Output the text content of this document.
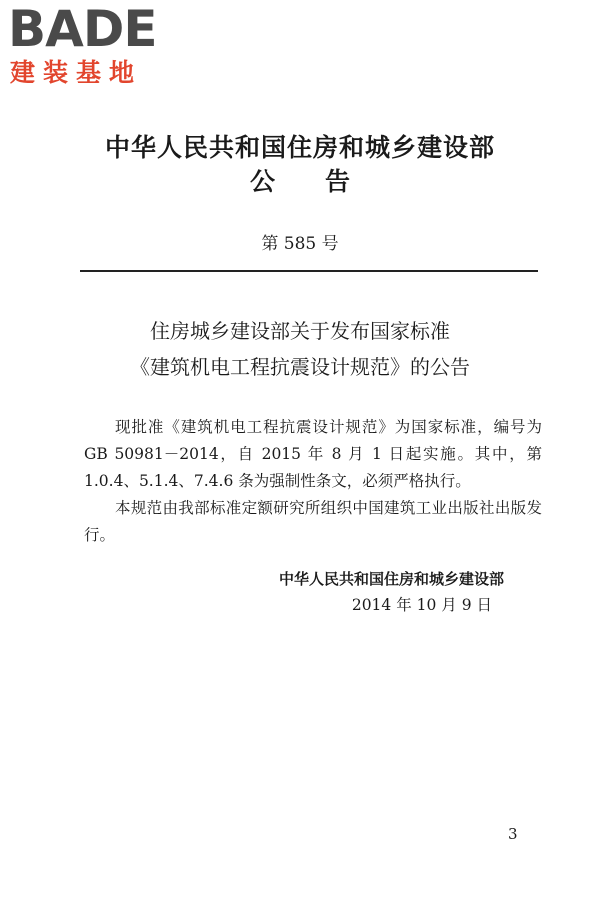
BA
DE
建装基地
中华人民共和国住房和城乡建设部
公 告
第 585 号
住房城乡建设部关于发布国家标准
《建筑机电工程抗震设计规范》的公告

现批准《建筑机电工程抗震设计规范》为国家标准，编号为 GB 50981－2014，自 2015 年 8 月 1 日起实施。其中，第 1.0.4、5.1.4、7.4.6 条为强制性条文，必须严格执行。

本规范由我部标准定额研究所组织中国建筑工业出版社出版发行。

中华人民共和国住房和城乡建设部
2014 年 10 月 9 日
3
